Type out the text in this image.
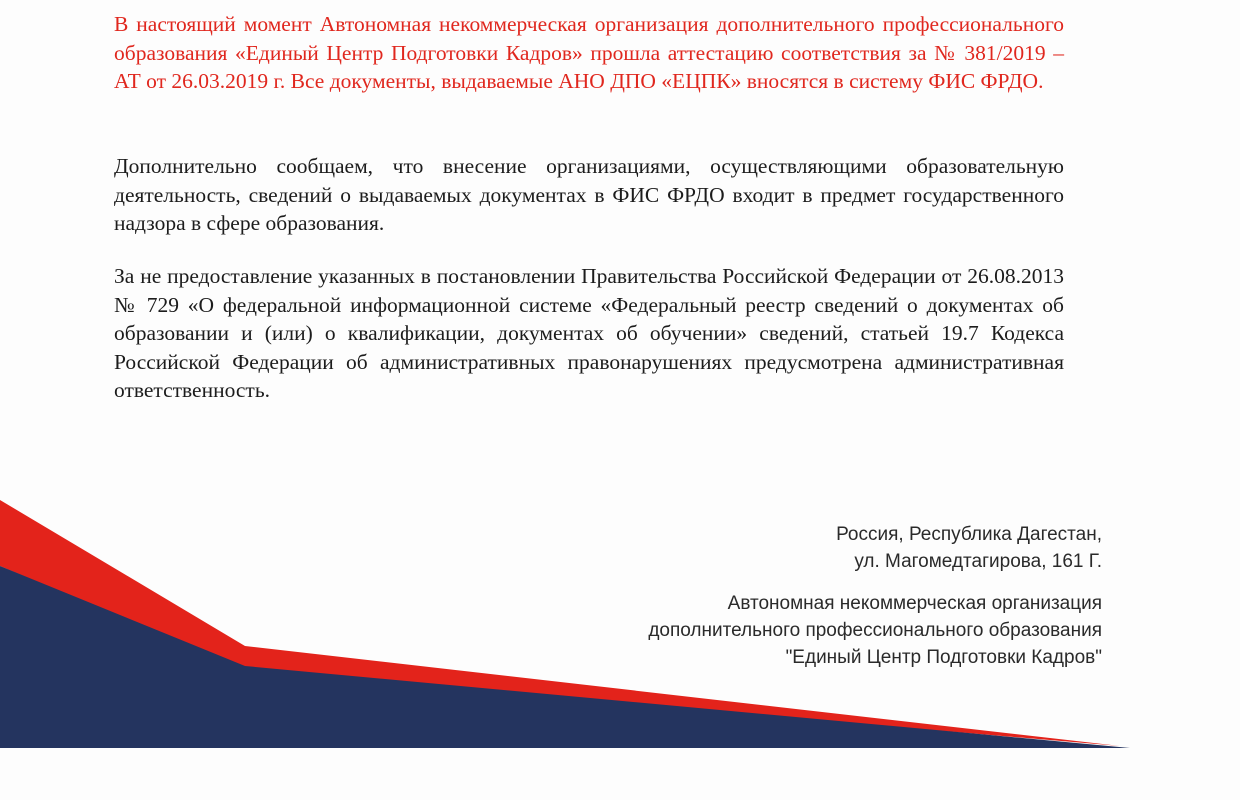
В настоящий момент Автономная некоммерческая организация дополнительного профессионального образования «Единый Центр Подготовки Кадров» прошла аттестацию соответствия за № 381/2019 – АТ от 26.03.2019 г. Все документы, выдаваемые АНО ДПО «ЕЦПК» вносятся в систему ФИС ФРДО.

Дополнительно сообщаем, что внесение организациями, осуществляющими образовательную деятельность, сведений о выдаваемых документах в ФИС ФРДО входит в предмет государственного надзора в сфере образования.

За не предоставление указанных в постановлении Правительства Российской Федерации от 26.08.2013 № 729 «О федеральной информационной системе «Федеральный реестр сведений о документах об образовании и (или) о квалификации, документах об обучении» сведений, статьей 19.7 Кодекса Российской Федерации об административных правонарушениях предусмотрена административная ответственность.

Россия, Республика Дагестан,
ул. Магомедтагирова, 161 Г.
Автономная некоммерческая организация
дополнительного профессионального образования
"Единый Центр Подготовки Кадров"
